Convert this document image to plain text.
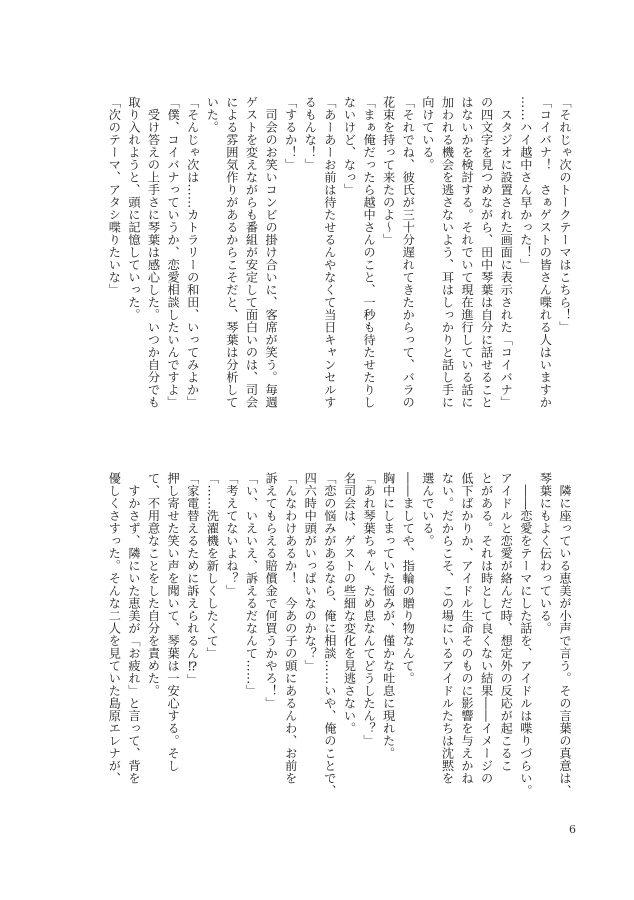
「それじゃ次のトークテーマはこちら！」
「コイバナ！　さぁゲストの皆さん喋れる人はいますか
……ハイ越中さん早かった！」
　スタジオに設置された画面に表示された「コイバナ」
の四文字を見つめながら、田中琴葉は自分に話せること
はないかを検討する。それでいて現在進行している話に
加われる機会を逃さないよう、耳はしっかりと話し手に
向けている。
「それでね、彼氏が三十分遅れてきたからって、バラの
花束を持って来たのよ～」
「まぁ俺だったら越中さんのこと、一秒も待たせたりし
ないけど、なっ」
「あーあーお前は待たせるんやなくて当日キャンセルす
るもんな！」
「するか！」
　司会のお笑いコンビの掛け合いに、客席が笑う。毎週
ゲストを変えながらも番組が安定して面白いのは、司会
による雰囲気作りがあるからこそだと、琴葉は分析して
いた。
「そんじゃ次は……カトラリーの和田、いってみよか」
「僕、コイバナっていうか、恋愛相談したいんですよ」
　受け答えの上手さに琴葉は感心した。いつか自分でも
取り入れようと、頭に記憶していった。
「次のテーマ、アタシ喋りたいな」
　隣に座っている恵美が小声で言う。その言葉の真意は、
琴葉にもよく伝わっている。
　――恋愛をテーマにした話を、アイドルは喋りづらい。
アイドルと恋愛が絡んだ時、想定外の反応が起こるこ
とがある。それは時として良くない結果――イメージの
低下ばかりか、アイドル生命そのものに影響を与えかね
ない。だからこそ、この場にいるアイドルたちは沈黙を
選んでいる。
――ましてや、指輪の贈り物なんて。
胸中にしまっていた悩みが、僅かな吐息に現れた。
「あれ琴葉ちゃん、ため息なんてどうしたん？」
名司会は、ゲストの些細な変化を見逃さない。
「恋の悩みがあるなら、俺に相談……いや、俺のことで、
四六時中頭がいっぱいなのかな？」
「んなわけあるか！　今あの子の頭にあるんわ、お前を
訴えてもらえる賠償金で何買うかやろ！」
「い、いえいえ、訴えるだなんて……」
「考えてないよね？」
「……洗濯機を新しくしたくて」
「家電替えるために訴えられるん⁉」
押し寄せた笑い声を聞いて、琴葉は一安心する。そし
て、不用意なことをした自分を責めた。
　すかさず、隣にいた恵美が「お疲れ」と言って、背を
優しくさすった。そんな二人を見ていた島原エレナが、
6
